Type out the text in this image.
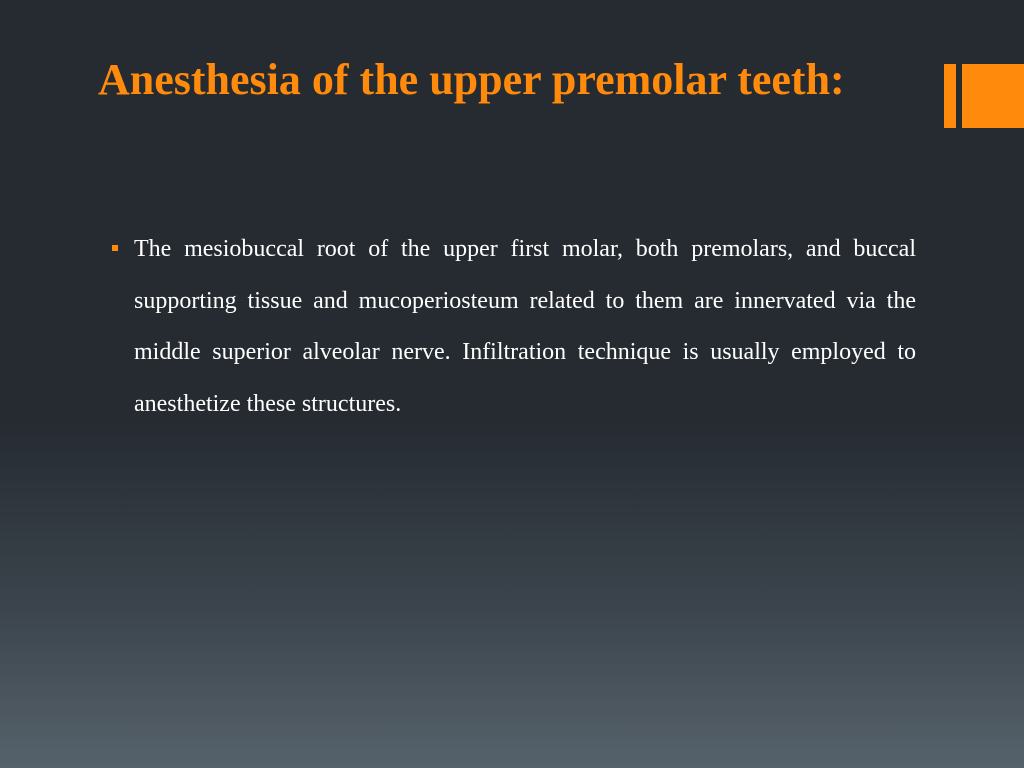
Anesthesia of the upper premolar teeth:
The mesiobuccal root of the upper first molar, both premolars, and buccal supporting tissue and mucoperiosteum related to them are innervated via the middle superior alveolar nerve. Infiltration technique is usually employed to anesthetize these structures.
